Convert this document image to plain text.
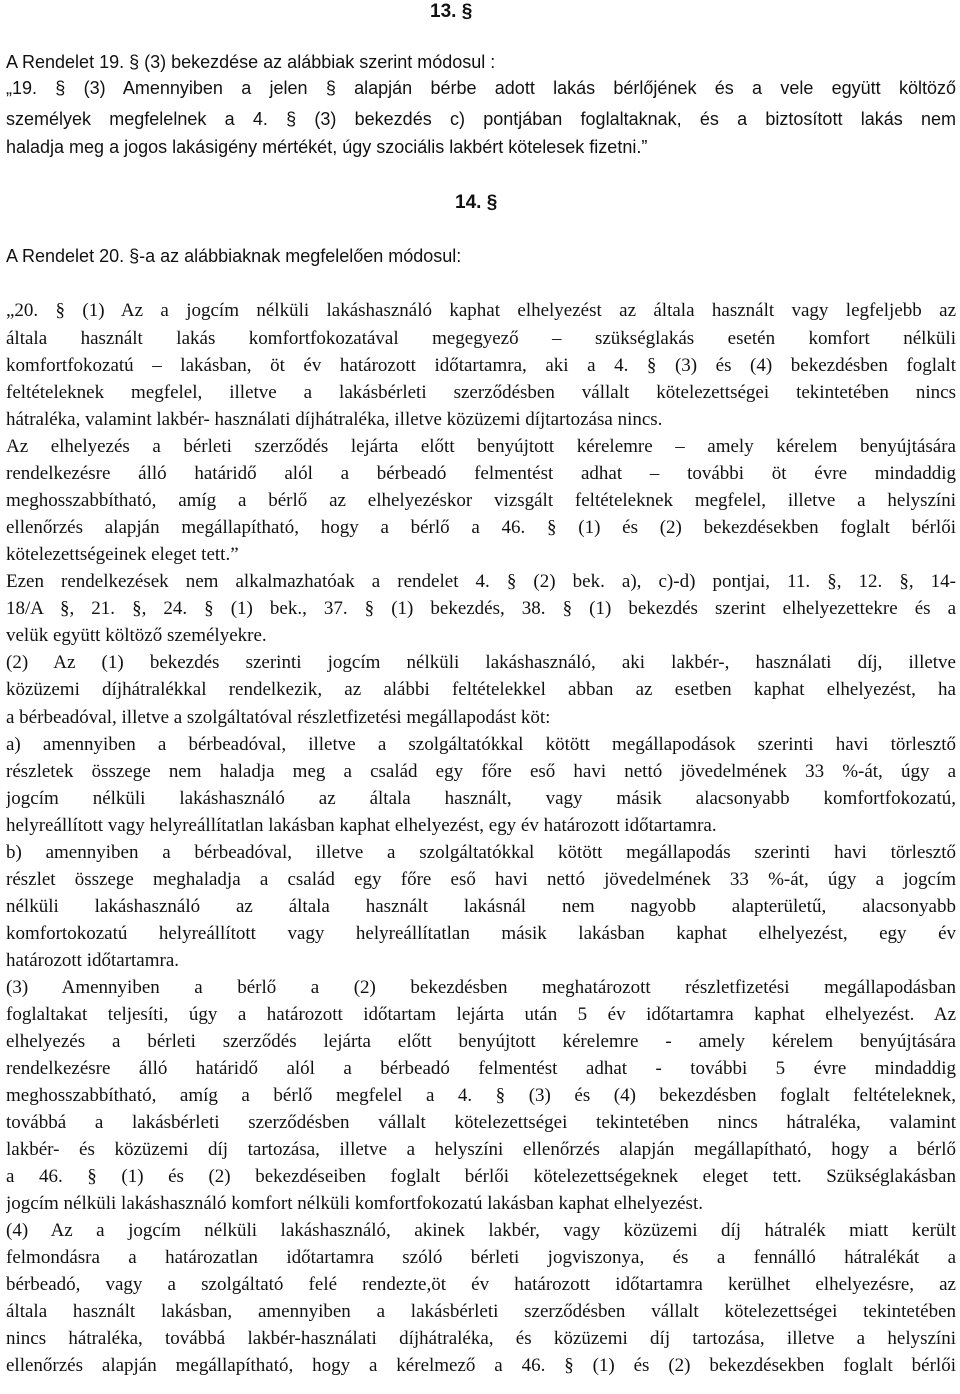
13. §
A Rendelet 19. § (3) bekezdése az alábbiak szerint módosul :
„19. § (3) Amennyiben a jelen § alapján bérbe adott lakás bérlőjének és a vele együtt költöző
személyek megfelelnek a 4. § (3) bekezdés c) pontjában foglaltaknak, és a biztosított lakás nem
haladja meg a jogos lakásigény mértékét, úgy szociális lakbért kötelesek fizetni.”
14. §
A Rendelet 20. §-a az alábbiaknak megfelelően módosul:
„20. § (1) Az a jogcím nélküli lakáshasználó kaphat elhelyezést az általa használt vagy legfeljebb az
általa használt lakás komfortfokozatával megegyező – szükséglakás esetén komfort nélküli
komfortfokozatú – lakásban, öt év határozott időtartamra, aki a 4. § (3) és (4) bekezdésben foglalt
feltételeknek megfelel, illetve a lakásbérleti szerződésben vállalt kötelezettségei tekintetében nincs
hátraléka, valamint lakbér- használati díjhátraléka, illetve közüzemi díjtartozása nincs.
Az elhelyezés a bérleti szerződés lejárta előtt benyújtott kérelemre – amely kérelem benyújtására
rendelkezésre álló határidő alól a bérbeadó felmentést adhat – további öt évre mindaddig
meghosszabbítható, amíg a bérlő az elhelyezéskor vizsgált feltételeknek megfelel, illetve a helyszíni
ellenőrzés alapján megállapítható, hogy a bérlő a 46. § (1) és (2) bekezdésekben foglalt bérlői
kötelezettségeinek eleget tett.”
Ezen rendelkezések nem alkalmazhatóak a rendelet 4. § (2) bek. a), c)-d) pontjai, 11. §, 12. §, 14-
18/A §, 21. §, 24. § (1) bek., 37. § (1) bekezdés, 38. § (1) bekezdés szerint elhelyezettekre és a
velük együtt költöző személyekre.
(2) Az (1) bekezdés szerinti jogcím nélküli lakáshasználó, aki lakbér-, használati díj, illetve
közüzemi díjhátralékkal rendelkezik, az alábbi feltételekkel abban az esetben kaphat elhelyezést, ha
a bérbeadóval, illetve a szolgáltatóval részletfizetési megállapodást köt:
a) amennyiben a bérbeadóval, illetve a szolgáltatókkal kötött megállapodások szerinti havi törlesztő
részletek összege nem haladja meg a család egy főre eső havi nettó jövedelmének 33 %-át, úgy a
jogcím nélküli lakáshasználó az általa használt, vagy másik alacsonyabb komfortfokozatú,
helyreállított vagy helyreállítatlan lakásban kaphat elhelyezést, egy év határozott időtartamra.
b) amennyiben a bérbeadóval, illetve a szolgáltatókkal kötött megállapodás szerinti havi törlesztő
részlet összege meghaladja a család egy főre eső havi nettó jövedelmének 33 %-át, úgy a jogcím
nélküli lakáshasználó az általa használt lakásnál nem nagyobb alapterületű, alacsonyabb
komfortokozatú helyreállított vagy helyreállítatlan másik lakásban kaphat elhelyezést, egy év
határozott időtartamra.
(3) Amennyiben a bérlő a (2) bekezdésben meghatározott részletfizetési megállapodásban
foglaltakat teljesíti, úgy a határozott időtartam lejárta után 5 év időtartamra kaphat elhelyezést. Az
elhelyezés a bérleti szerződés lejárta előtt benyújtott kérelemre - amely kérelem benyújtására
rendelkezésre álló határidő alól a bérbeadó felmentést adhat - további 5 évre mindaddig
meghosszabbítható, amíg a bérlő megfelel a 4. § (3) és (4) bekezdésben foglalt feltételeknek,
továbbá a lakásbérleti szerződésben vállalt kötelezettségei tekintetében nincs hátraléka, valamint
lakbér- és közüzemi díj tartozása, illetve a helyszíni ellenőrzés alapján megállapítható, hogy a bérlő
a 46. § (1) és (2) bekezdéseiben foglalt bérlői kötelezettségeknek eleget tett. Szükséglakásban
jogcím nélküli lakáshasználó komfort nélküli komfortfokozatú lakásban kaphat elhelyezést.
(4) Az a jogcím nélküli lakáshasználó, akinek lakbér, vagy közüzemi díj hátralék miatt került
felmondásra a határozatlan időtartamra szóló bérleti jogviszonya, és a fennálló hátralékát a
bérbeadó, vagy a szolgáltató felé rendezte,öt év határozott időtartamra kerülhet elhelyezésre, az
általa használt lakásban, amennyiben a lakásbérleti szerződésben vállalt kötelezettségei tekintetében
nincs hátraléka, továbbá lakbér-használati díjhátraléka, és közüzemi díj tartozása, illetve a helyszíni
ellenőrzés alapján megállapítható, hogy a kérelmező a 46. § (1) és (2) bekezdésekben foglalt bérlői
